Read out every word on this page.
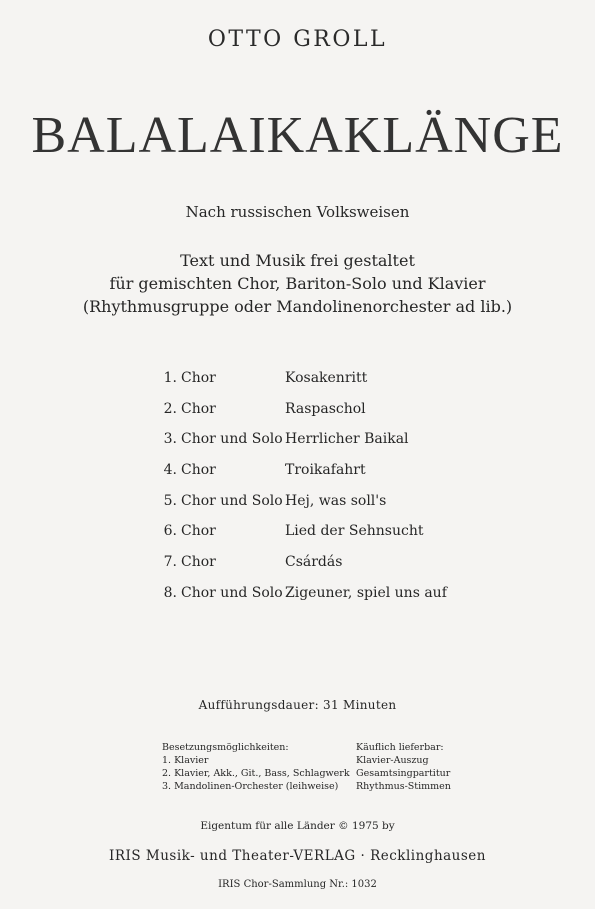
OTTO GROLL
BALALAIKAKLÄNGE
Nach russischen Volksweisen
Text und Musik frei gestaltet
für gemischten Chor, Bariton-Solo und Klavier
(Rhythmusgruppe oder Mandolinenorchester ad lib.)
1. Chor	Kosakenritt
2. Chor	Raspaschol
3. Chor und Solo Herrlicher Baikal
4. Chor	Troikafahrt
5. Chor und Solo Hej, was soll's
6. Chor	Lied der Sehnsucht
7. Chor	Csárdás
8. Chor und Solo Zigeuner, spiel uns auf
Aufführungsdauer: 31 Minuten
Besetzungsmöglichkeiten:
1. Klavier
2. Klavier, Akk., Git., Bass, Schlagwerk
3. Mandolinen-Orchester (leihweise)
Käuflich lieferbar:
Klavier-Auszug
Gesamtsingpartitur
Rhythmus-Stimmen
Eigentum für alle Länder © 1975 by
IRIS Musik- und Theater-VERLAG · Recklinghausen
IRIS Chor-Sammlung Nr.: 1032
